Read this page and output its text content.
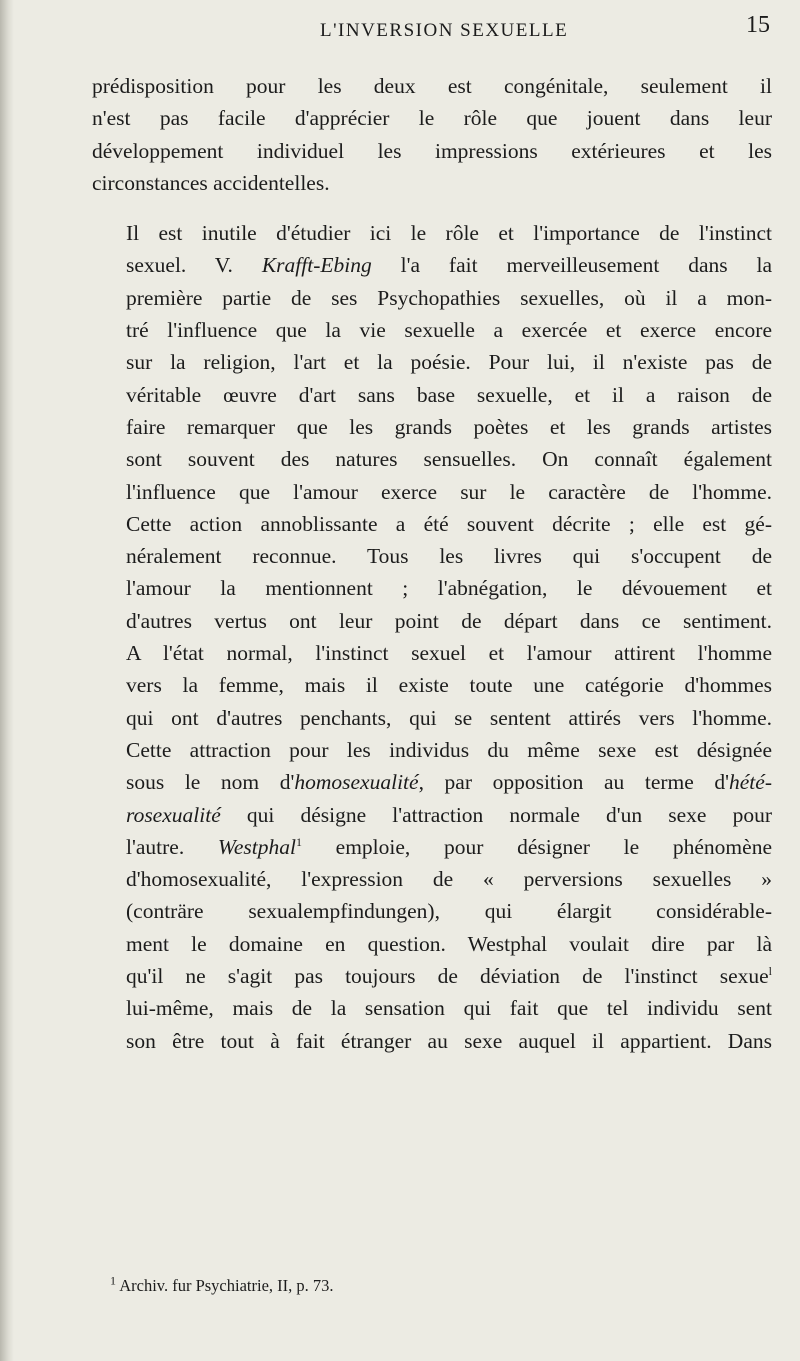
L'INVERSION SEXUELLE	15

prédisposition pour les deux est congénitale, seulement il
n'est pas facile d'apprécier le rôle que jouent dans leur
développement individuel les impressions extérieures et les
circonstances accidentelles.

Il est inutile d'étudier ici le rôle et l'importance de l'instinct
sexuel. V. Krafft-Ebing l'a fait merveilleusement dans la
première partie de ses Psychopathies sexuelles, où il a mon-
tré l'influence que la vie sexuelle a exercée et exerce encore
sur la religion, l'art et la poésie. Pour lui, il n'existe pas de
véritable œuvre d'art sans base sexuelle, et il a raison de
faire remarquer que les grands poètes et les grands artistes
sont souvent des natures sensuelles. On connaît également
l'influence que l'amour exerce sur le caractère de l'homme.
Cette action annoblissante a été souvent décrite ; elle est gé-
néralement reconnue. Tous les livres qui s'occupent de
l'amour la mentionnent ; l'abnégation, le dévouement et
d'autres vertus ont leur point de départ dans ce sentiment.
A l'état normal, l'instinct sexuel et l'amour attirent l'homme
vers la femme, mais il existe toute une catégorie d'hommes
qui ont d'autres penchants, qui se sentent attirés vers l'homme.
Cette attraction pour les individus du même sexe est désignée
sous le nom d'homosexualité, par opposition au terme d'hété-
rosexualité qui désigne l'attraction normale d'un sexe pour
l'autre. Westphal$^1$ emploie, pour désigner le phénomène
d'homosexualité, l'expression de « perversions sexuelles »
(conträre sexualempfindungen), qui élargit considérable-
ment le domaine en question. Westphal voulait dire par là
qu'il ne s'agit pas toujours de déviation de l'instinct sexue$^l$
lui-même, mais de la sensation qui fait que tel individu sent
son être tout à fait étranger au sexe auquel il appartient. Dans

$^1$ Archiv. fur Psychiatrie, II, p. 73.
